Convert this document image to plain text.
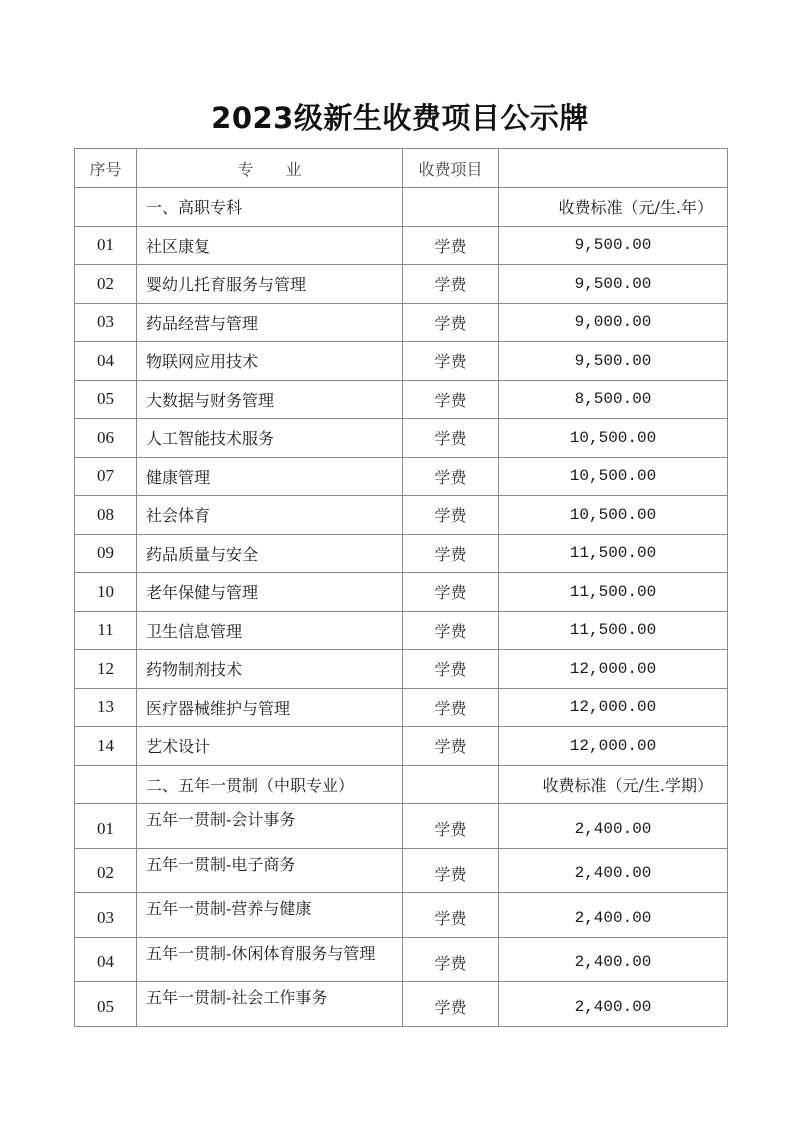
2023级新生收费项目公示牌
序号	专　　业	收费项目	
	一、高职专科		收费标准（元/生.年）
01	社区康复	学费	9,500.00
02	婴幼儿托育服务与管理	学费	9,500.00
03	药品经营与管理	学费	9,000.00
04	物联网应用技术	学费	9,500.00
05	大数据与财务管理	学费	8,500.00
06	人工智能技术服务	学费	10,500.00
07	健康管理	学费	10,500.00
08	社会体育	学费	10,500.00
09	药品质量与安全	学费	11,500.00
10	老年保健与管理	学费	11,500.00
11	卫生信息管理	学费	11,500.00
12	药物制剂技术	学费	12,000.00
13	医疗器械维护与管理	学费	12,000.00
14	艺术设计	学费	12,000.00
	二、五年一贯制（中职专业）		收费标准（元/生.学期）
01	五年一贯制-会计事务	学费	2,400.00
02	五年一贯制-电子商务	学费	2,400.00
03	五年一贯制-营养与健康	学费	2,400.00
04	五年一贯制-休闲体育服务与管理	学费	2,400.00
05	五年一贯制-社会工作事务	学费	2,400.00
